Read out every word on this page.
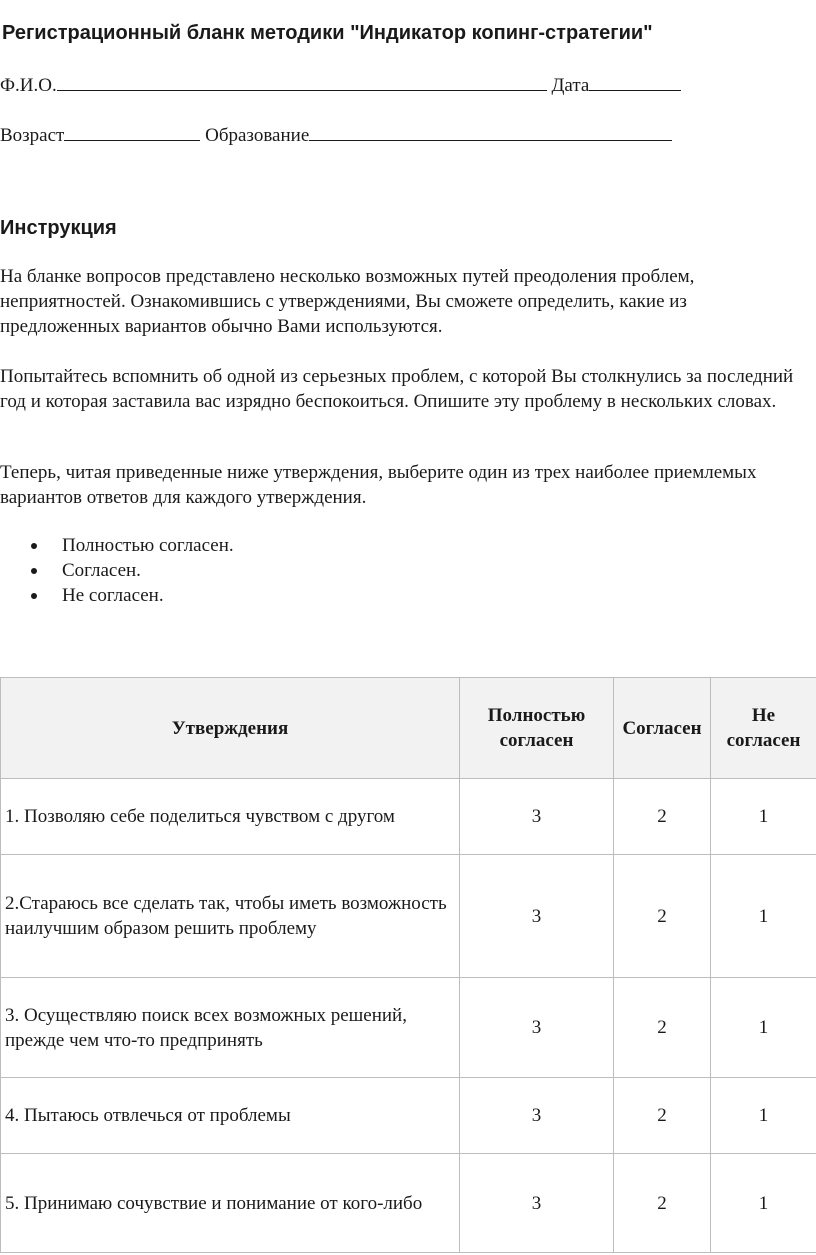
Регистрационный бланк методики "Индикатор копинг-стратегии"
Ф.И.О.	Дата
Возраст	Образование
Инструкция
На бланке вопросов представлено несколько возможных путей преодоления проблем, неприятностей. Ознакомившись с утверждениями, Вы сможете определить, какие из предложенных вариантов обычно Вами используются.
Попытайтесь вспомнить об одной из серьезных проблем, с которой Вы столкнулись за последний год и которая заставила вас изрядно беспокоиться. Опишите эту проблему в нескольких словах.
Теперь, читая приведенные ниже утверждения, выберите один из трех наиболее приемлемых вариантов ответов для каждого утверждения.
Полностью согласен.
Согласен.
Не согласен.
Утверждения	Полностью согласен	Согласен	Не согласен
1. Позволяю себе поделиться чувством с другом	3	2	1
2.Стараюсь все сделать так, чтобы иметь возможность наилучшим образом решить проблему	3	2	1
3. Осуществляю поиск всех возможных решений, прежде чем что-то предпринять	3	2	1
4. Пытаюсь отвлечься от проблемы	3	2	1
5. Принимаю сочувствие и понимание от кого-либо	3	2	1
